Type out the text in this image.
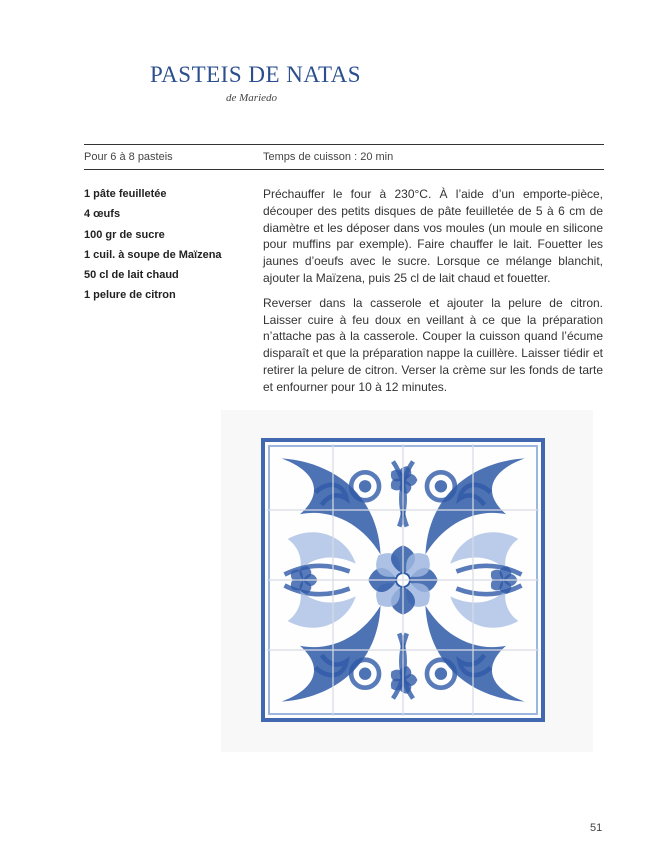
PASTEIS DE NATAS
de Mariedo
Pour 6 à 8 pasteis	Temps de cuisson : 20 min
1 pâte feuilletée
4 œufs
100 gr de sucre
1 cuil. à soupe de Maïzena
50 cl de lait chaud
1 pelure de citron

Préchauffer le four à 230°C. À l’aide d’un emporte-pièce, découper des petits disques de pâte feuilletée de 5 à 6 cm de diamètre et les déposer dans vos moules (un moule en silicone pour muffins par exemple). Faire chauffer le lait. Fouetter les jaunes d’oeufs avec le sucre. Lorsque ce mélange blanchit, ajouter la Maïzena, puis 25 cl de lait chaud et fouetter.

Reverser dans la casserole et ajouter la pelure de citron. Laisser cuire à feu doux en veillant à ce que la préparation n’attache pas à la casserole. Couper la cuisson quand l’écume disparaît et que la préparation nappe la cuillère. Laisser tiédir et retirer la pelure de citron. Verser la crème sur les fonds de tarte et enfourner pour 10 à 12 minutes.

51
